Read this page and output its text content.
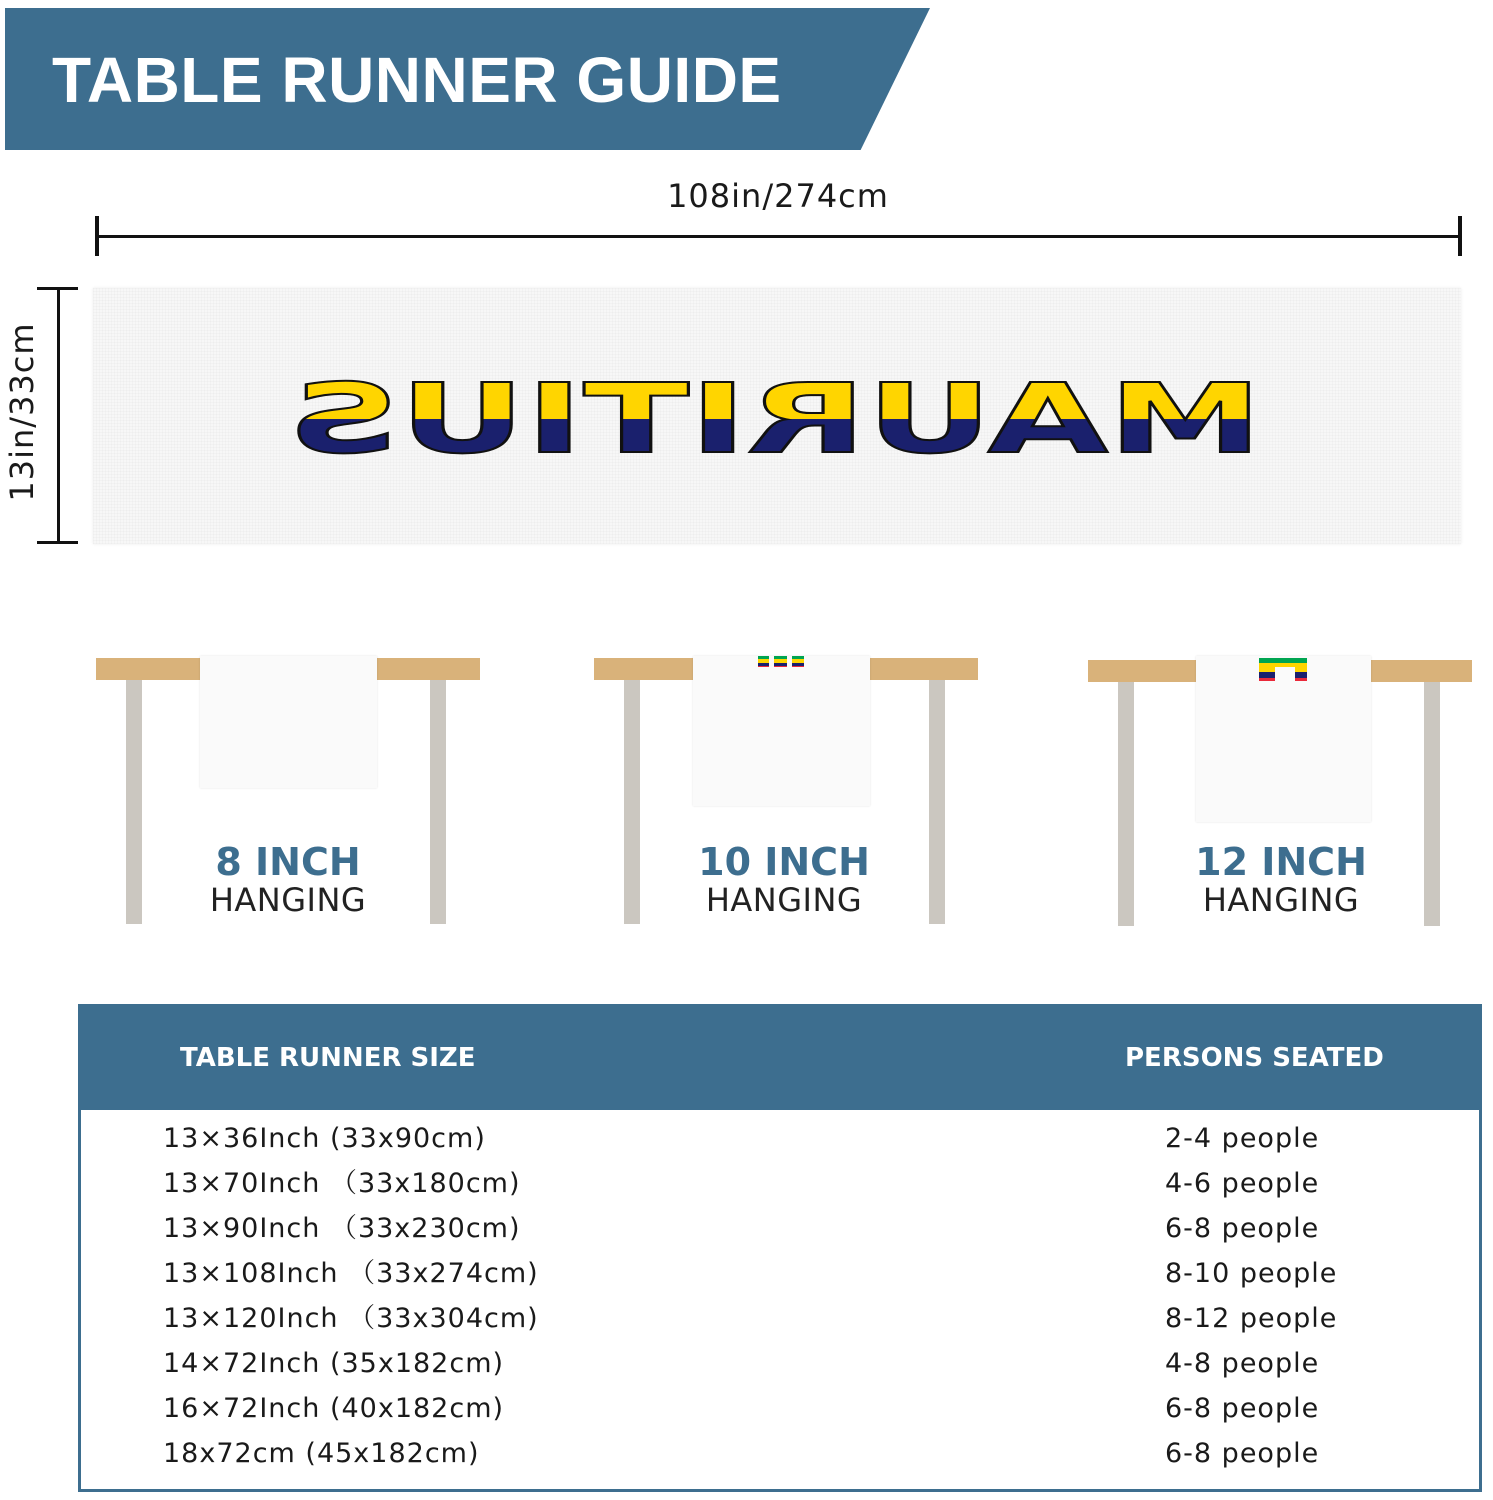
TABLE RUNNER GUIDE
108in/274cm
13in/33cm	MAURITIUS
8 INCH
HANGING
10 INCH
HANGING
12 INCH
HANGING
TABLE RUNNER SIZE	PERSONS SEATED
13×36Inch (33x90cm)	2-4 people
13×70Inch （33x180cm)	4-6 people
13×90Inch （33x230cm)	6-8 people
13×108Inch （33x274cm)	8-10 people
13×120Inch （33x304cm)	8-12 people
14×72Inch (35x182cm)	4-8 people
16×72Inch (40x182cm)	6-8 people
18x72cm (45x182cm)	6-8 people
